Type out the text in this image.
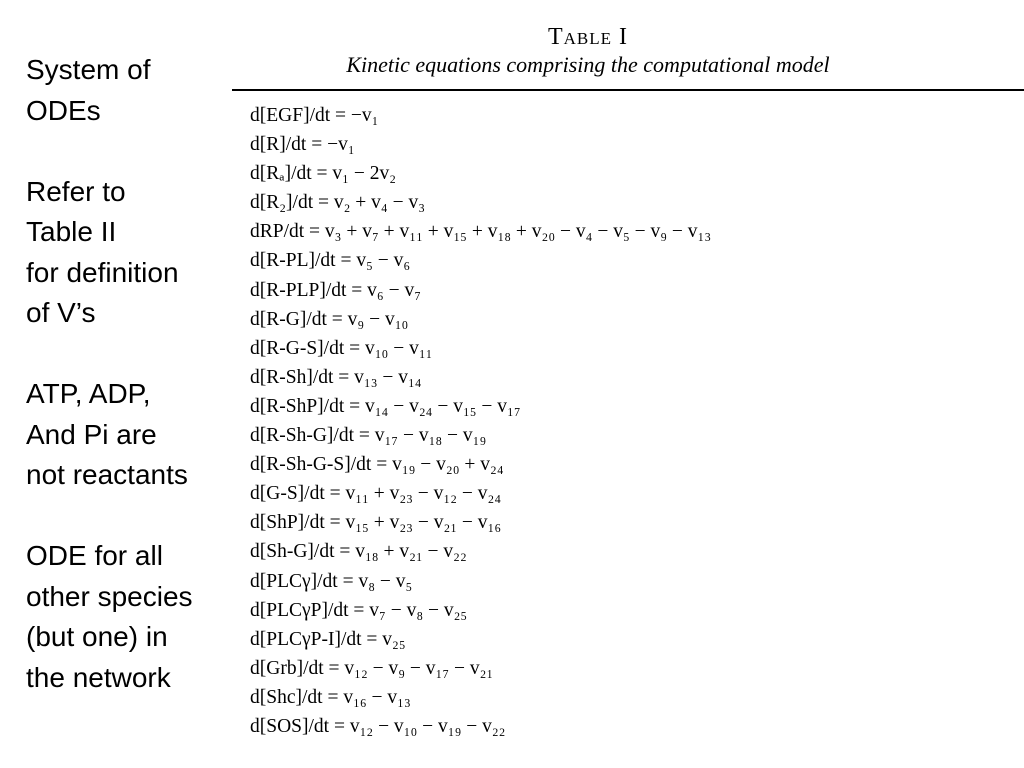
System of
ODEs
Refer to
Table II
for definition
of V’s
ATP, ADP,
And Pi are
not reactants
ODE for all
other species
(but one) in
the network
Table I
Kinetic equations comprising the computational model
d[EGF]/dt = −v₁
d[R]/dt = −v₁
d[Rₐ]/dt = v₁ − 2v₂
d[R₂]/dt = v₂ + v₄ − v₃
dRP/dt = v₃ + v₇ + v₁₁ + v₁₅ + v₁₈ + v₂₀ − v₄ − v₅ − v₉ − v₁₃
d[R-PL]/dt = v₅ − v₆
d[R-PLP]/dt = v₆ − v₇
d[R-G]/dt = v₉ − v₁₀
d[R-G-S]/dt = v₁₀ − v₁₁
d[R-Sh]/dt = v₁₃ − v₁₄
d[R-ShP]/dt = v₁₄ − v₂₄ − v₁₅ − v₁₇
d[R-Sh-G]/dt = v₁₇ − v₁₈ − v₁₉
d[R-Sh-G-S]/dt = v₁₉ − v₂₀ + v₂₄
d[G-S]/dt = v₁₁ + v₂₃ − v₁₂ − v₂₄
d[ShP]/dt = v₁₅ + v₂₃ − v₂₁ − v₁₆
d[Sh-G]/dt = v₁₈ + v₂₁ − v₂₂
d[PLCγ]/dt = v₈ − v₅
d[PLCγP]/dt = v₇ − v₈ − v₂₅
d[PLCγP-I]/dt = v₂₅
d[Grb]/dt = v₁₂ − v₉ − v₁₇ − v₂₁
d[Shc]/dt = v₁₆ − v₁₃
d[SOS]/dt = v₁₂ − v₁₀ − v₁₉ − v₂₂
